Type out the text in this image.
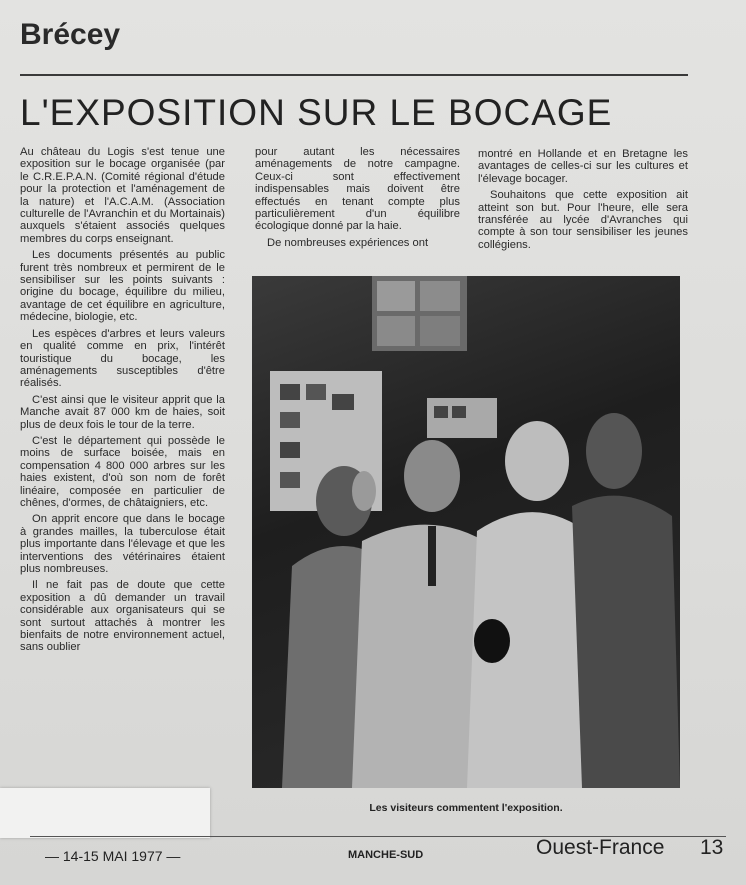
Brécey
L'EXPOSITION SUR LE BOCAGE

Au château du Logis s'est tenue une exposition sur le bocage organisée (par le C.R.E.P.A.N. (Comité régional d'étude pour la protection et l'aménagement de la nature) et l'A.C.A.M. (Association culturelle de l'Avranchin et du Mortainais) auxquels s'étaient associés quelques membres du corps enseignant.

Les documents présentés au public furent très nombreux et permirent de le sensibiliser sur les points suivants : origine du bocage, équilibre du milieu, avantage de cet équilibre en agriculture, médecine, biologie, etc.

Les espèces d'arbres et leurs valeurs en qualité comme en prix, l'intérêt touristique du bocage, les aménagements susceptibles d'être réalisés.

C'est ainsi que le visiteur apprit que la Manche avait 87 000 km de haies, soit plus de deux fois le tour de la terre.

C'est le département qui possède le moins de surface boisée, mais en compensation 4 800 000 arbres sur les haies existent, d'où son nom de forêt linéaire, composée en particulier de chênes, d'ormes, de châtaigniers, etc.

On apprit encore que dans le bocage à grandes mailles, la tuberculose était plus importante dans l'élevage et que les interventions des vétérinaires étaient plus nombreuses.

Il ne fait pas de doute que cette exposition a dû demander un travail considérable aux organisateurs qui se sont surtout attachés à montrer les bienfaits de notre environnement actuel, sans oublier

pour autant les nécessaires aménagements de notre campagne. Ceux-ci sont effectivement indispensables mais doivent être effectués en tenant compte plus particulièrement d'un équilibre écologique donné par la haie.

De nombreuses expériences ont

montré en Hollande et en Bretagne les avantages de celles-ci sur les cultures et l'élevage bocager.

Souhaitons que cette exposition ait atteint son but. Pour l'heure, elle sera transférée au lycée d'Avranches qui compte à son tour sensibiliser les jeunes collégiens.

Les visiteurs commentent l'exposition.
— 14-15 MAI 1977 —	MANCHE-SUD	Ouest-France 13
